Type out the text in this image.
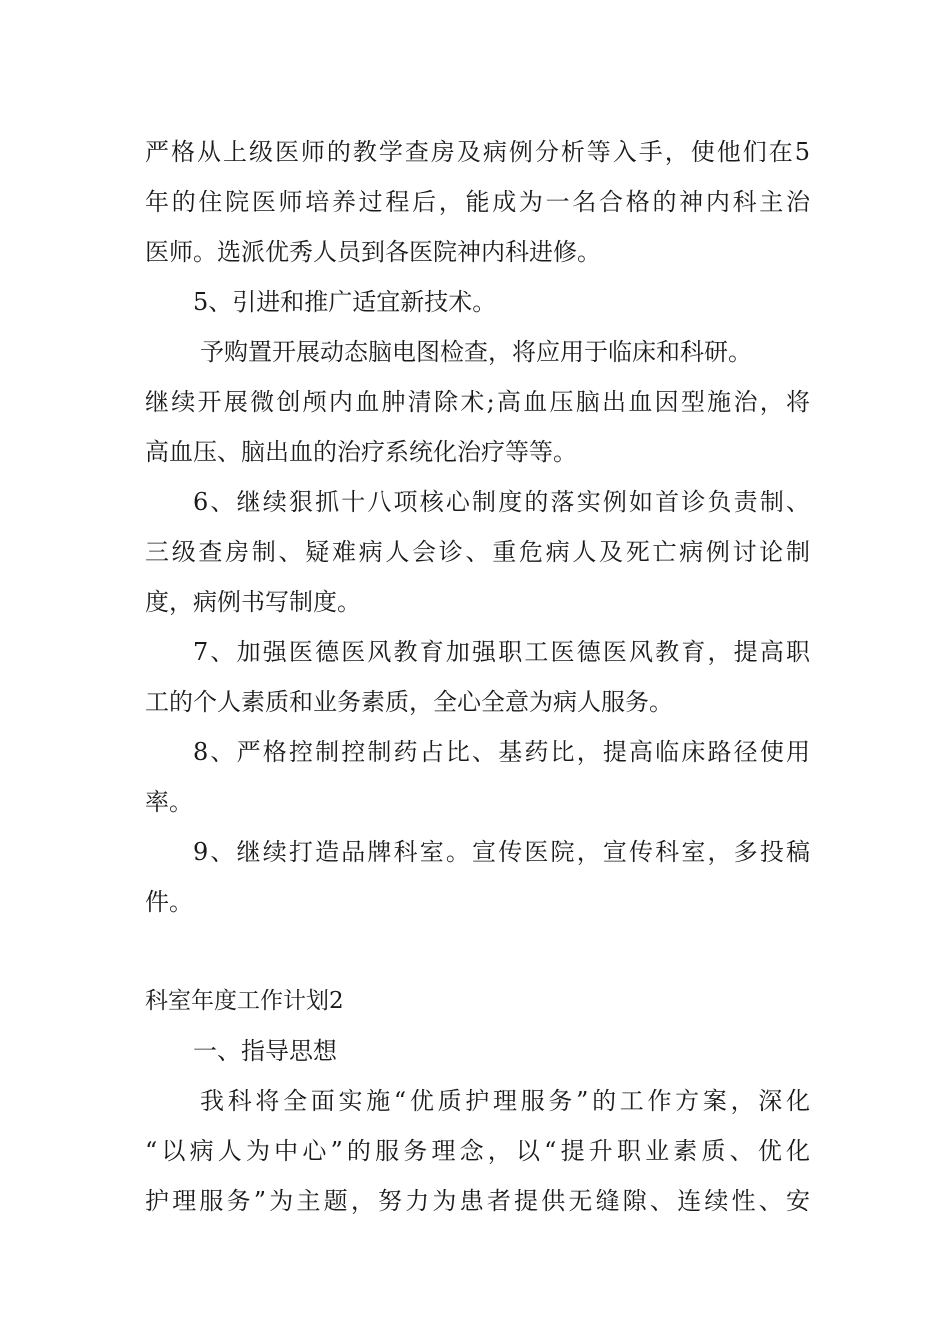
严格从上级医师的教学查房及病例分析等入手，使他们在5
年的住院医师培养过程后，能成为一名合格的神内科主治
医师。选派优秀人员到各医院神内科进修。
5、引进和推广适宜新技术。
予购置开展动态脑电图检查，将应用于临床和科研。
继续开展微创颅内血肿清除术;高血压脑出血因型施治，将
高血压、脑出血的治疗系统化治疗等等。
6、继续狠抓十八项核心制度的落实例如首诊负责制、
三级查房制、疑难病人会诊、重危病人及死亡病例讨论制
度，病例书写制度。
7、加强医德医风教育加强职工医德医风教育，提高职
工的个人素质和业务素质，全心全意为病人服务。
8、严格控制控制药占比、基药比，提高临床路径使用
率。
9、继续打造品牌科室。宣传医院，宣传科室，多投稿
件。
科室年度工作计划2
一、指导思想
我科将全面实施“优质护理服务”的工作方案，深化
“以病人为中心”的服务理念，以“提升职业素质、优化
护理服务”为主题，努力为患者提供无缝隙、连续性、安
